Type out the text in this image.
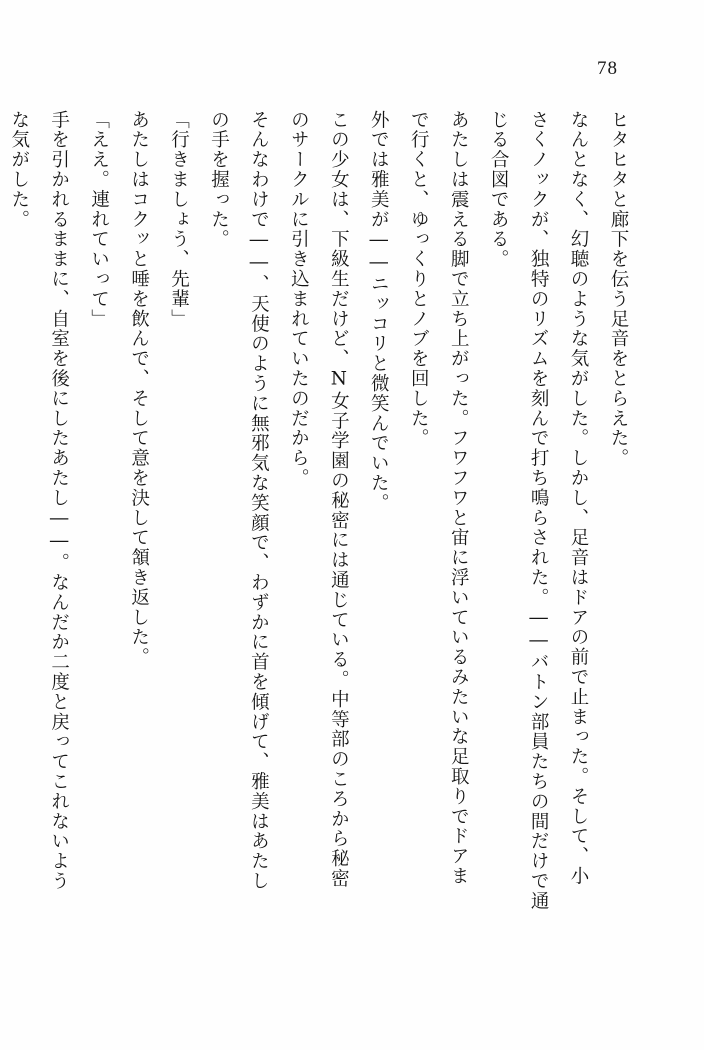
78

ヒタヒタと廊下を伝う足音をとらえた。

なんとなく、幻聴のような気がした。しかし、足音はドアの前で止まった。そして、小

さくノックが、独特のリズムを刻んで打ち鳴らされた。――バトン部員たちの間だけで通

じる合図である。

あたしは震える脚で立ち上がった。フワフワと宙に浮いているみたいな足取りでドアま

で行くと、ゆっくりとノブを回した。

外では雅美が――ニッコリと微笑んでいた。

この少女は、下級生だけど、N女子学園の秘密には通じている。中等部のころから秘密

のサークルに引き込まれていたのだから。

そんなわけで――、天使のように無邪気な笑顔で、わずかに首を傾げて、雅美はあたし

の手を握った。

「行きましょう、先輩」

あたしはコクッと唾を飲んで、そして意を決して頷き返した。

「ええ。連れていって」

手を引かれるままに、自室を後にしたあたし――。なんだか二度と戻ってこれないよう

な気がした。
